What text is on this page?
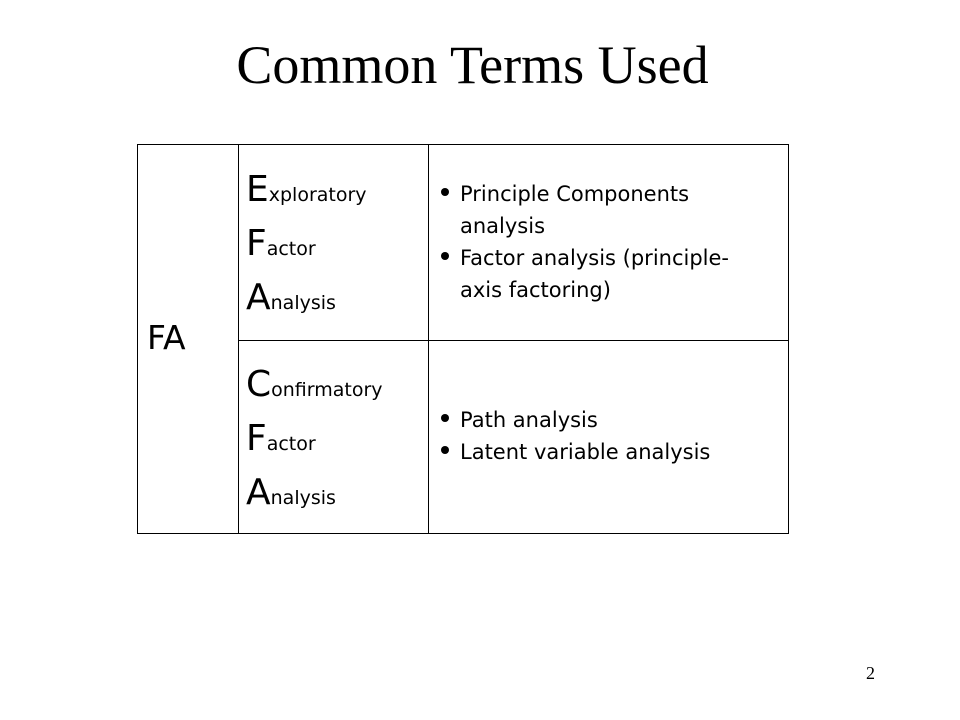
Common Terms Used
FA
Exploratory
Factor
Analysis
Confirmatory
Factor
Analysis
Principle Components
analysis
Factor analysis (principle-
axis factoring)
Path analysis
Latent variable analysis
2
